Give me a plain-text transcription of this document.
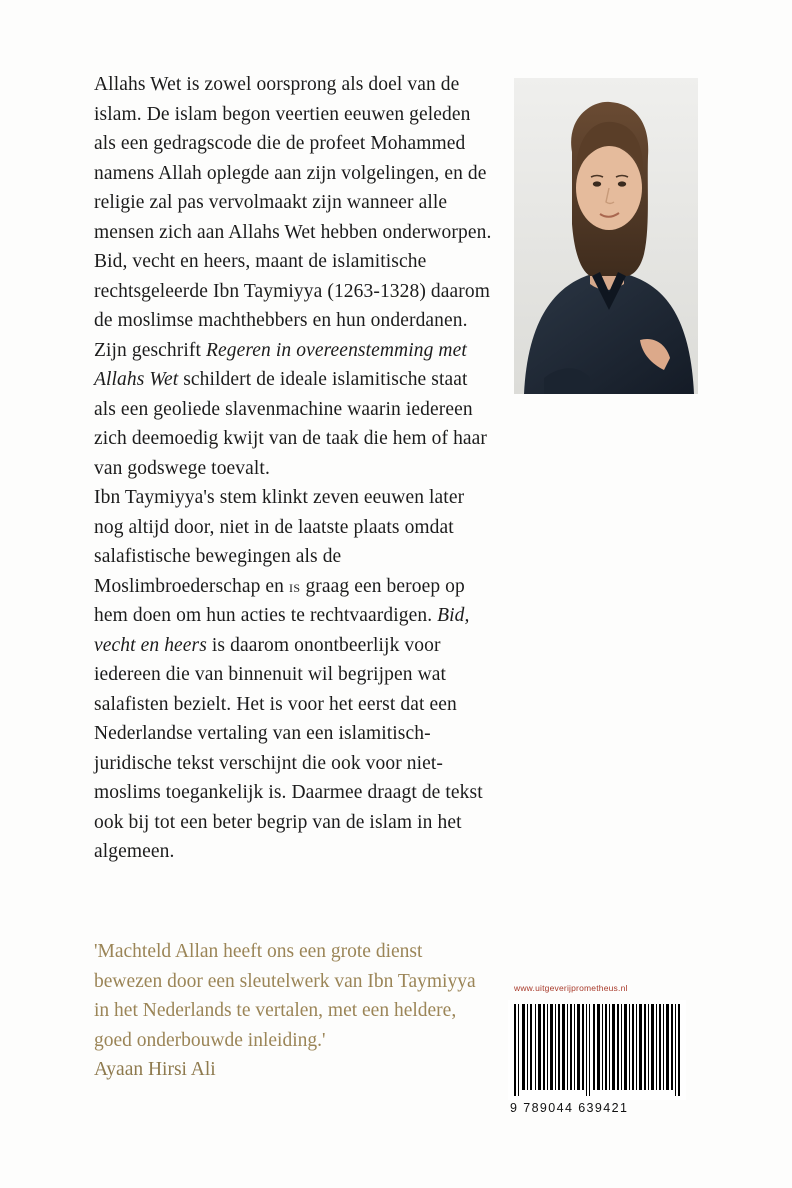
Allahs Wet is zowel oorsprong als doel van de islam. De islam begon veertien eeuwen geleden als een gedragscode die de profeet Mohammed namens Allah oplegde aan zijn volgelingen, en de religie zal pas vervolmaakt zijn wanneer alle mensen zich aan Allahs Wet hebben onderworpen. Bid, vecht en heers, maant de islamitische rechtsgeleerde Ibn Taymiyya (1263-1328) daarom de moslimse machthebbers en hun onderdanen. Zijn geschrift Regeren in overeenstemming met Allahs Wet schildert de ideale islamitische staat als een geoliede slavenmachine waarin iedereen zich deemoedig kwijt van de taak die hem of haar van godswege toevalt.

Ibn Taymiyya's stem klinkt zeven eeuwen later nog altijd door, niet in de laatste plaats omdat salafistische bewegingen als de Moslimbroederschap en is graag een beroep op hem doen om hun acties te rechtvaardigen. Bid, vecht en heers is daarom onontbeerlijk voor iedereen die van binnenuit wil begrijpen wat salafisten bezielt. Het is voor het eerst dat een Nederlandse vertaling van een islamitisch-juridische tekst verschijnt die ook voor niet-moslims toegankelijk is. Daarmee draagt de tekst ook bij tot een beter begrip van de islam in het algemeen.

'Machteld Allan heeft ons een grote dienst bewezen door een sleutelwerk van Ibn Taymiyya in het Nederlands te vertalen, met een heldere, goed onderbouwde inleiding.'

Ayaan Hirsi Ali

www.uitgeverijprometheus.nl
9 789044 639421
